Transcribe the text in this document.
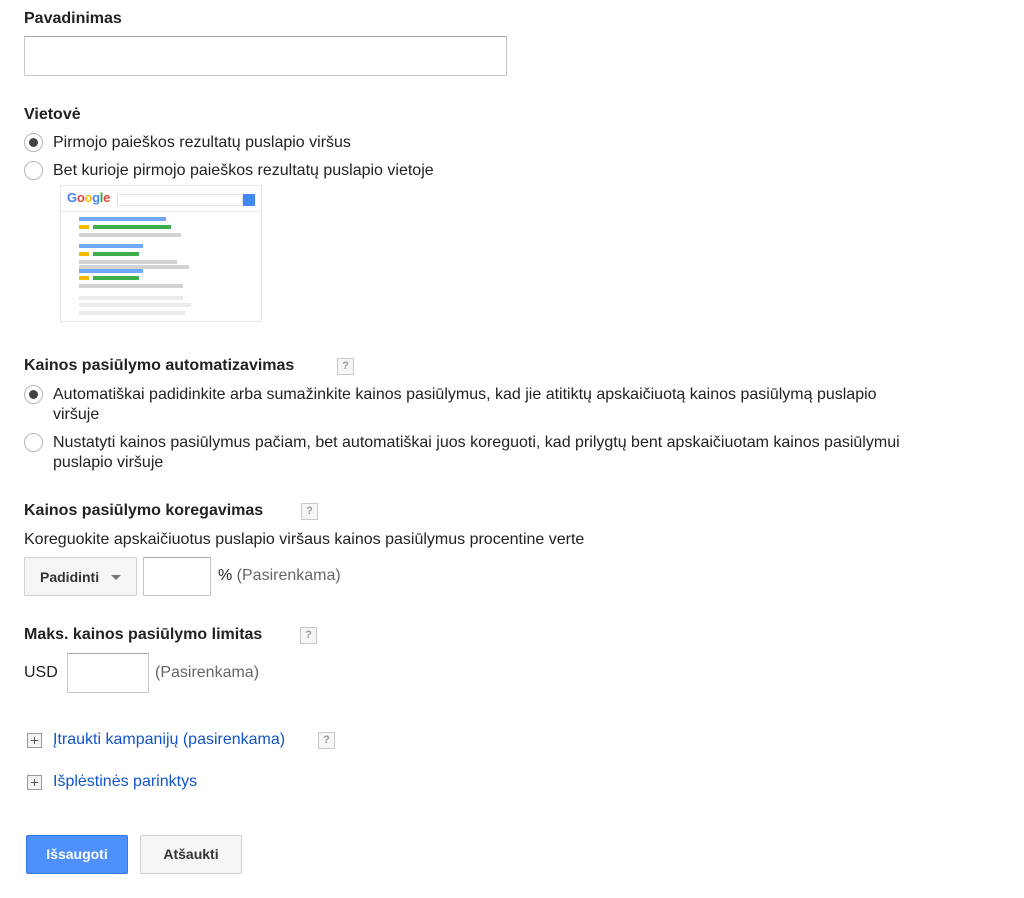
Pavadinimas
Vietovė
Pirmojo paieškos rezultatų puslapio viršus
Bet kurioje pirmojo paieškos rezultatų puslapio vietoje
Google
Kainos pasiūlymo automatizavimas	?
Automatiškai padidinkite arba sumažinkite kainos pasiūlymus, kad jie atitiktų apskaičiuotą kainos pasiūlymą puslapio
viršuje
Nustatyti kainos pasiūlymus pačiam, bet automatiškai juos koreguoti, kad prilygtų bent apskaičiuotam kainos pasiūlymui
puslapio viršuje
Kainos pasiūlymo koregavimas	?
Koreguokite apskaičiuotus puslapio viršaus kainos pasiūlymus procentine verte
Padidinti	% (Pasirenkama)
Maks. kainos pasiūlymo limitas	?
USD	(Pasirenkama)
Įtraukti kampanijų (pasirenkama)	?
Išplėstinės parinktys
Išsaugoti	Atšaukti
